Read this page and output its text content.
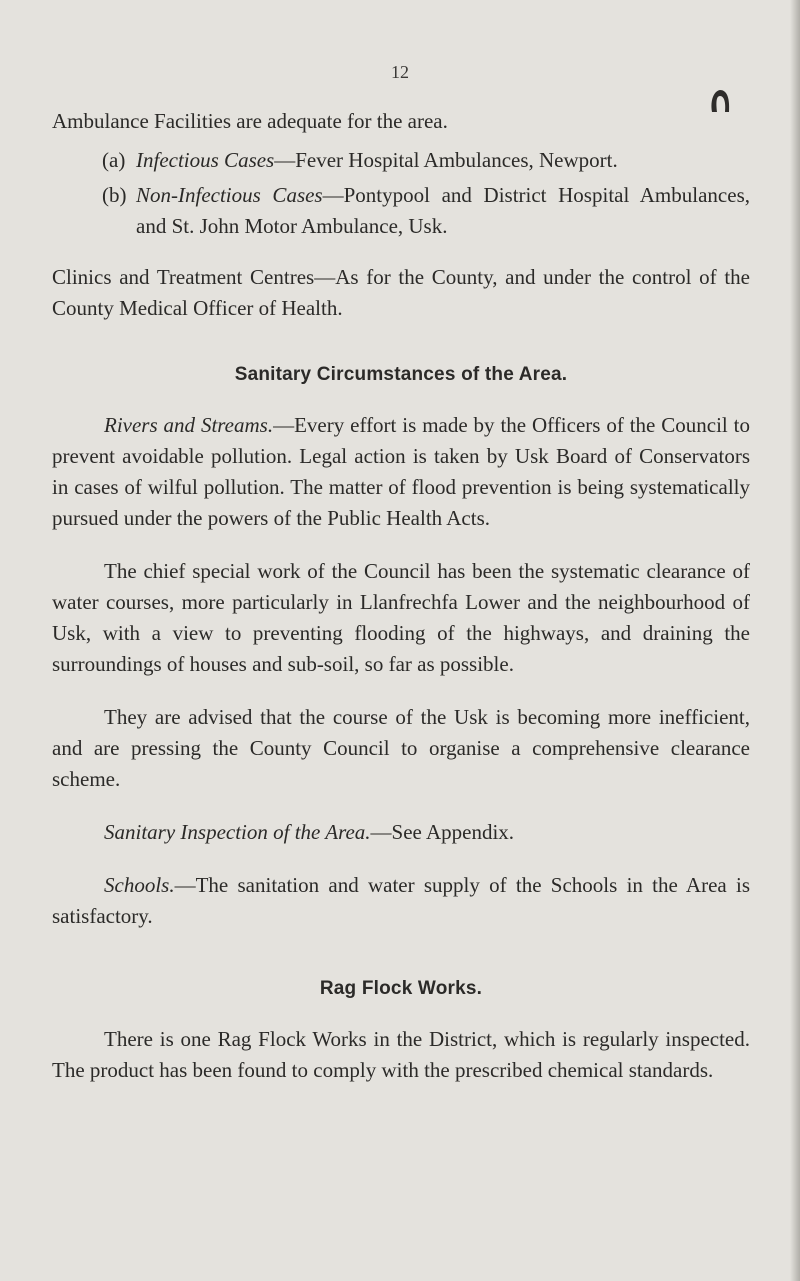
12

Ambulance Facilities are adequate for the area.

(a) Infectious Cases—Fever Hospital Ambulances, Newport.

(b) Non-Infectious Cases—Pontypool and District Hospital Ambulances, and St. John Motor Ambulance, Usk.

Clinics and Treatment Centres—As for the County, and under the control of the County Medical Officer of Health.

Sanitary Circumstances of the Area.

Rivers and Streams.—Every effort is made by the Officers of the Council to prevent avoidable pollution. Legal action is taken by Usk Board of Conservators in cases of wilful pollution. The matter of flood prevention is being systematically pursued under the powers of the Public Health Acts.

The chief special work of the Council has been the systematic clearance of water courses, more particularly in Llanfrechfa Lower and the neighbourhood of Usk, with a view to preventing flooding of the highways, and draining the surroundings of houses and sub-soil, so far as possible.

They are advised that the course of the Usk is becoming more inefficient, and are pressing the County Council to organise a comprehensive clearance scheme.

Sanitary Inspection of the Area.—See Appendix.

Schools.—The sanitation and water supply of the Schools in the Area is satisfactory.

Rag Flock Works.

There is one Rag Flock Works in the District, which is regularly inspected. The product has been found to comply with the prescribed chemical standards.
